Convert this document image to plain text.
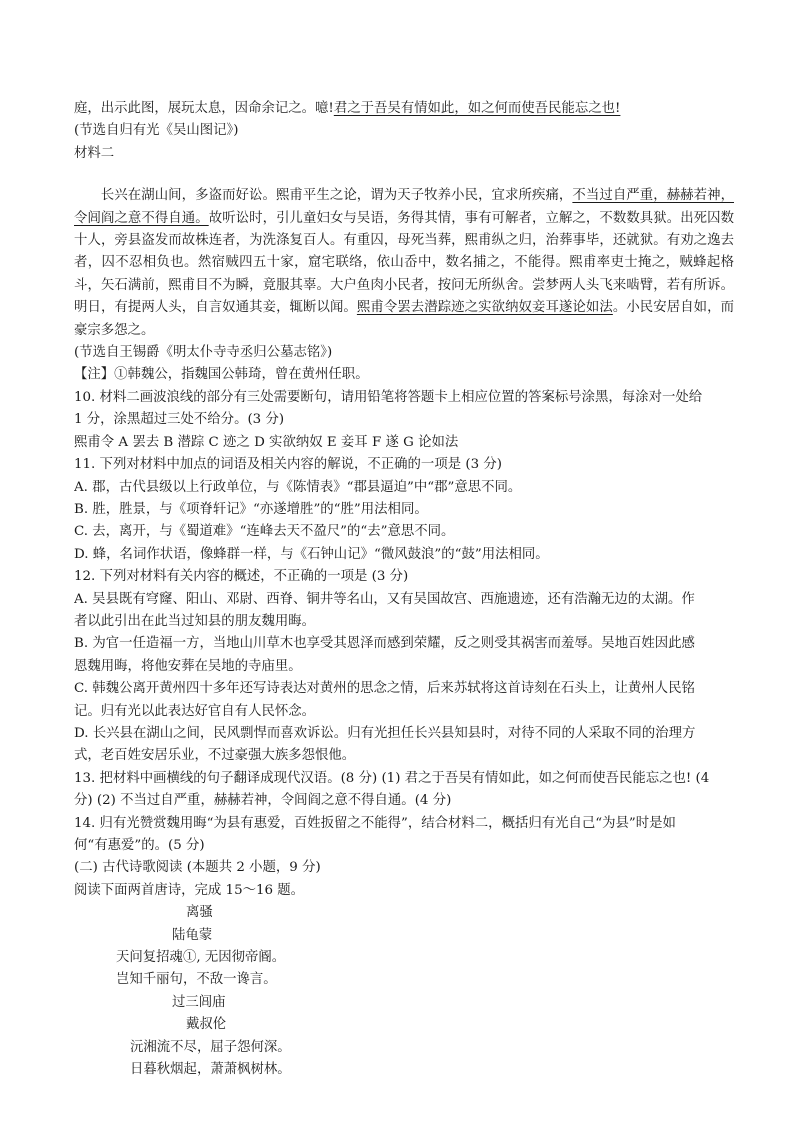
庭，出示此图，展玩太息，因命余记之。噫!君之于吾吴有情如此，如之何而使吾民能忘之也!
(节选自归有光《吴山图记》)
材料二
长兴在湖山间，多盗而好讼。熙甫平生之论，谓为天子牧养小民，宜求所疾痛，不当过自严重，赫赫若神，令闾阎之意不得自通。故听讼时，引儿童妇女与吴语，务得其情，事有可解者，立解之，不数数具狱。出死囚数十人，旁县盗发而故株连者，为洗涤复百人。有重囚，母死当葬，熙甫纵之归，治葬事毕，还就狱。有劝之逸去者，囚不忍相负也。然宿贼四五十家，窟宅联络，依山岙中，数名捕之，不能得。熙甫率吏士掩之，贼蜂起格斗，矢石满前，熙甫目不为瞬，竟服其辜。大户鱼肉小民者，按问无所纵舍。尝梦两人头飞来啮臂，若有所诉。明日，有提两人头，自言奴通其妾，辄断以闻。熙甫令罢去潜踪迹之实欲纳奴妾耳遂论如法。小民安居自如，而豪宗多怨之。
(节选自王锡爵《明太仆寺寺丞归公墓志铭》)
【注】①韩魏公，指魏国公韩琦，曾在黄州任职。
10. 材料二画波浪线的部分有三处需要断句，请用铅笔将答题卡上相应位置的答案标号涂黑，每涂对一处给
1 分，涂黑超过三处不给分。(3 分)
熙甫令 A 罢去 B 潜踪 C 迹之 D 实欲纳奴 E 妾耳 F 遂 G 论如法
11. 下列对材料中加点的词语及相关内容的解说，不正确的一项是 (3 分)
A. 郡，古代县级以上行政单位，与《陈情表》“郡县逼迫”中“郡”意思不同。
B. 胜，胜景，与《项脊轩记》“亦遂增胜”的“胜”用法相同。
C. 去，离开，与《蜀道难》“连峰去天不盈尺”的“去”意思不同。
D. 蜂，名词作状语，像蜂群一样，与《石钟山记》“微风鼓浪”的“鼓”用法相同。
12. 下列对材料有关内容的概述，不正确的一项是 (3 分)
A. 吴县既有穹窿、阳山、邓尉、西脊、铜井等名山，又有吴国故宫、西施遗迹，还有浩瀚无边的太湖。作
者以此引出在此当过知县的朋友魏用晦。
B. 为官一任造福一方，当地山川草木也享受其恩泽而感到荣耀，反之则受其祸害而羞辱。吴地百姓因此感
恩魏用晦，将他安葬在吴地的寺庙里。
C. 韩魏公离开黄州四十多年还写诗表达对黄州的思念之情，后来苏轼将这首诗刻在石头上，让黄州人民铭
记。归有光以此表达好官自有人民怀念。
D. 长兴县在湖山之间，民风剽悍而喜欢诉讼。归有光担任长兴县知县时，对待不同的人采取不同的治理方
式，老百姓安居乐业，不过豪强大族多怨恨他。
13. 把材料中画横线的句子翻译成现代汉语。(8 分) (1) 君之于吾吴有情如此，如之何而使吾民能忘之也! (4
分) (2) 不当过自严重，赫赫若神，令闾阎之意不得自通。(4 分)
14. 归有光赞赏魏用晦“为县有惠爱，百姓扳留之不能得”，结合材料二，概括归有光自己“为县”时是如
何“有惠爱”的。(5 分)
(二) 古代诗歌阅读 (本题共 2 小题，9 分)
阅读下面两首唐诗，完成 15～16 题。
离骚
陆龟蒙
天问复招魂①, 无因彻帝阍。
岂知千丽句，不敌一谗言。
过三闾庙
戴叔伦
沅湘流不尽，屈子怨何深。
日暮秋烟起，萧萧枫树林。
